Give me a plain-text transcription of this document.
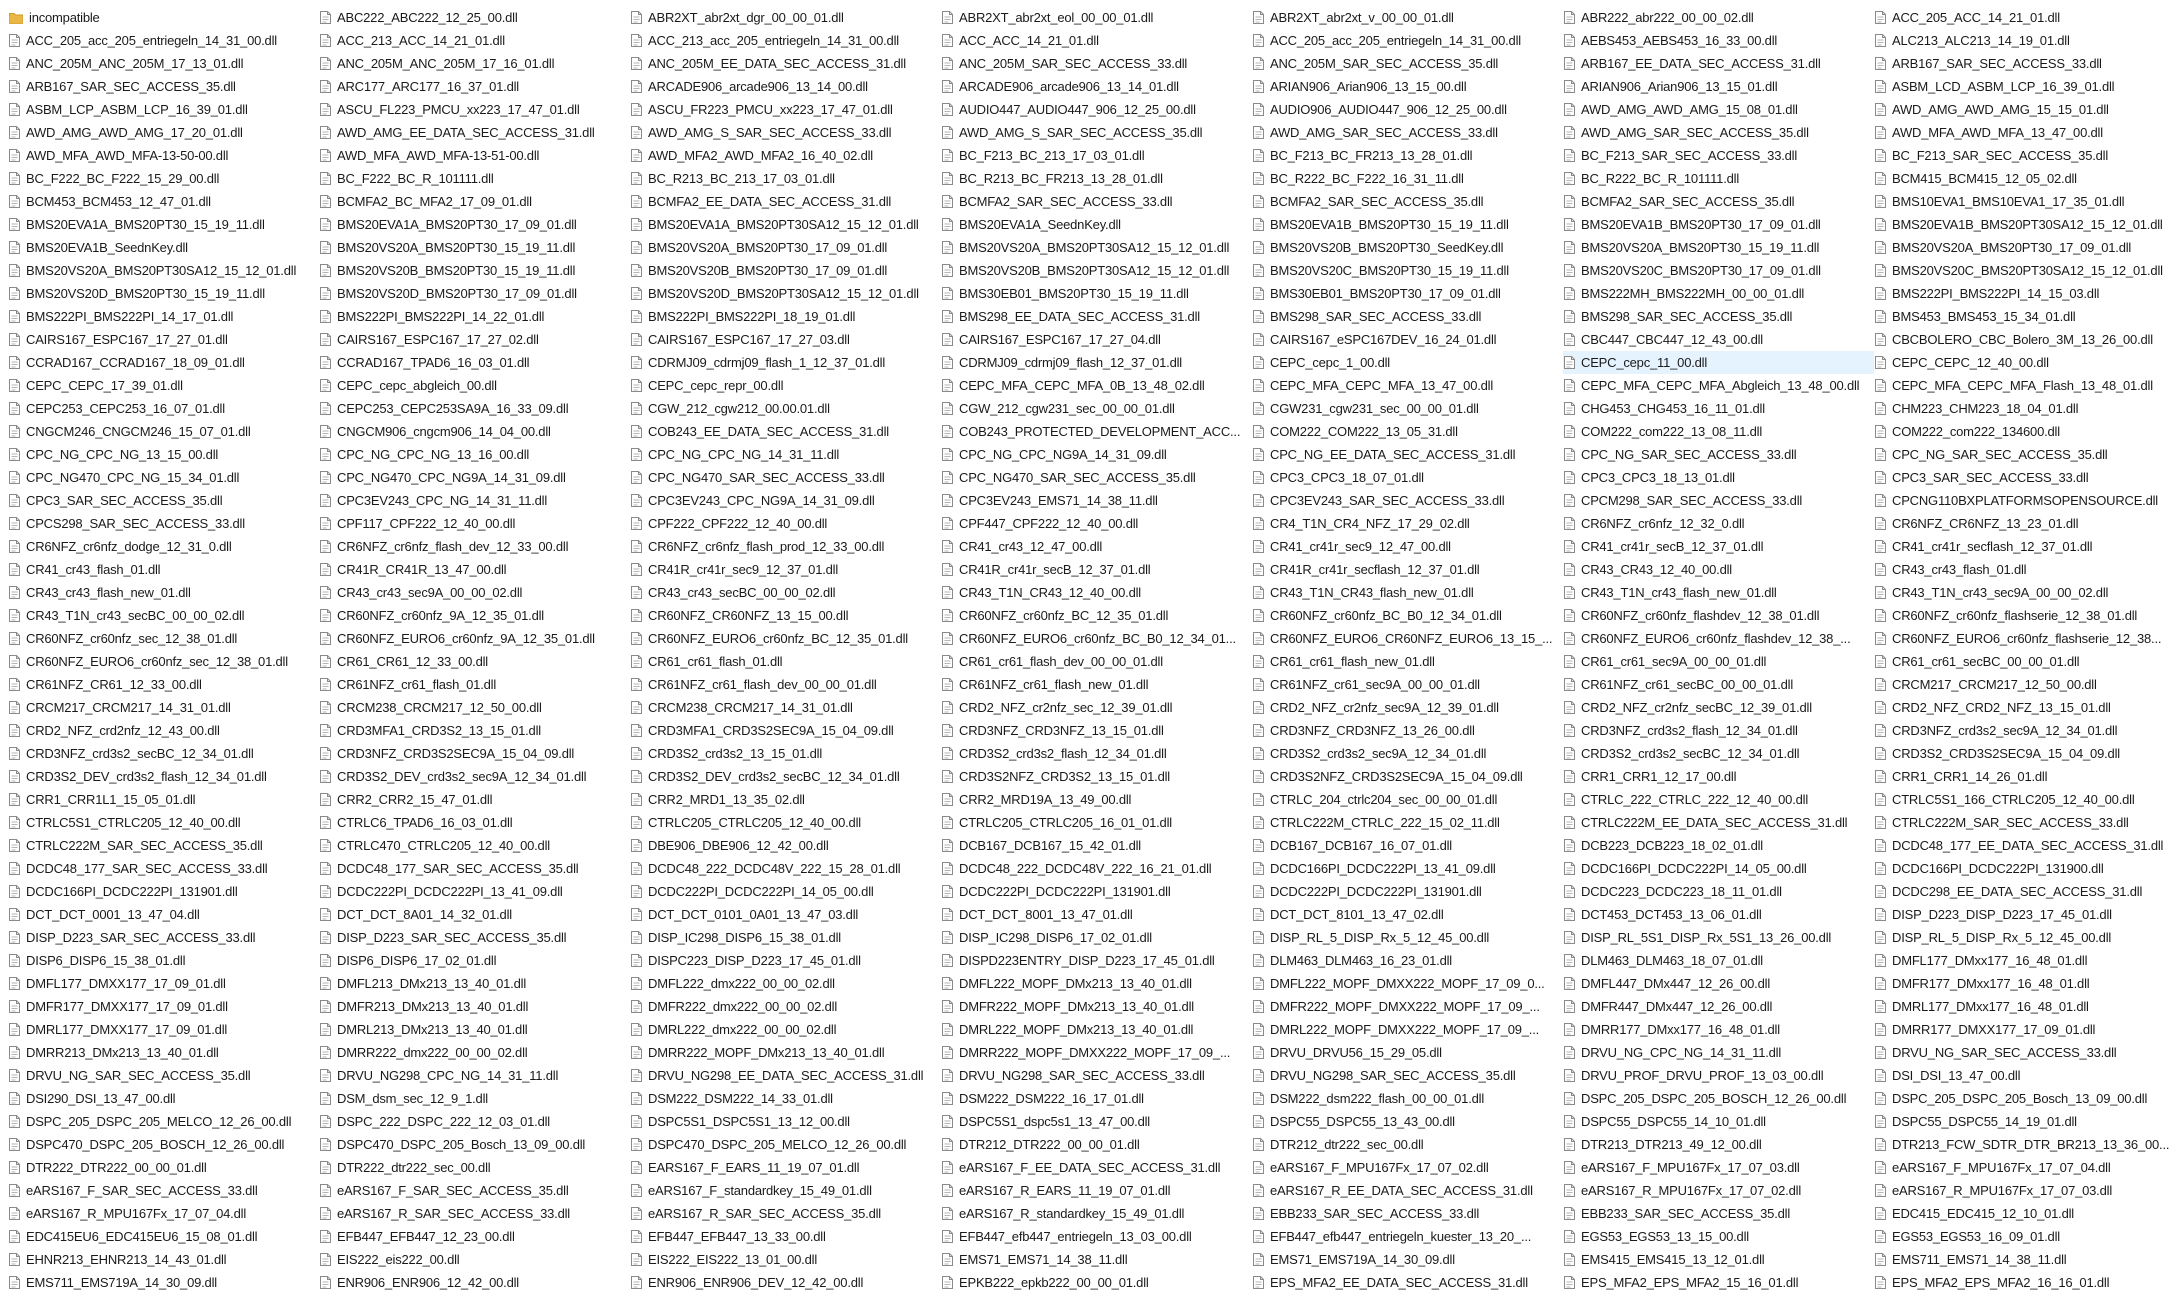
incompatible
ACC_205_acc_205_entriegeln_14_31_00.dll
ANC_205M_ANC_205M_17_13_01.dll
ARB167_SAR_SEC_ACCESS_35.dll
ASBM_LCP_ASBM_LCP_16_39_01.dll
AWD_AMG_AWD_AMG_17_20_01.dll
AWD_MFA_AWD_MFA-13-50-00.dll
BC_F222_BC_F222_15_29_00.dll
BCM453_BCM453_12_47_01.dll
BMS20EVA1A_BMS20PT30_15_19_11.dll
BMS20EVA1B_SeednKey.dll
BMS20VS20A_BMS20PT30SA12_15_12_01.dll
BMS20VS20D_BMS20PT30_15_19_11.dll
BMS222PI_BMS222PI_14_17_01.dll
CAIRS167_ESPC167_17_27_01.dll
CCRAD167_CCRAD167_18_09_01.dll
CEPC_CEPC_17_39_01.dll
CEPC253_CEPC253_16_07_01.dll
CNGCM246_CNGCM246_15_07_01.dll
CPC_NG_CPC_NG_13_15_00.dll
CPC_NG470_CPC_NG_15_34_01.dll
CPC3_SAR_SEC_ACCESS_35.dll
CPCS298_SAR_SEC_ACCESS_33.dll
CR6NFZ_cr6nfz_dodge_12_31_0.dll
CR41_cr43_flash_01.dll
CR43_cr43_flash_new_01.dll
CR43_T1N_cr43_secBC_00_00_02.dll
CR60NFZ_cr60nfz_sec_12_38_01.dll
CR60NFZ_EURO6_cr60nfz_sec_12_38_01.dll
CR61NFZ_CR61_12_33_00.dll
CRCM217_CRCM217_14_31_01.dll
CRD2_NFZ_crd2nfz_12_43_00.dll
CRD3NFZ_crd3s2_secBC_12_34_01.dll
CRD3S2_DEV_crd3s2_flash_12_34_01.dll
CRR1_CRR1L1_15_05_01.dll
CTRLC5S1_CTRLC205_12_40_00.dll
CTRLC222M_SAR_SEC_ACCESS_35.dll
DCDC48_177_SAR_SEC_ACCESS_33.dll
DCDC166PI_DCDC222PI_131901.dll
DCT_DCT_0001_13_47_04.dll
DISP_D223_SAR_SEC_ACCESS_33.dll
DISP6_DISP6_15_38_01.dll
DMFL177_DMXX177_17_09_01.dll
DMFR177_DMXX177_17_09_01.dll
DMRL177_DMXX177_17_09_01.dll
DMRR213_DMx213_13_40_01.dll
DRVU_NG_SAR_SEC_ACCESS_35.dll
DSI290_DSI_13_47_00.dll
DSPC_205_DSPC_205_MELCO_12_26_00.dll
DSPC470_DSPC_205_BOSCH_12_26_00.dll
DTR222_DTR222_00_00_01.dll
eARS167_F_SAR_SEC_ACCESS_33.dll
eARS167_R_MPU167Fx_17_07_04.dll
EDC415EU6_EDC415EU6_15_08_01.dll
EHNR213_EHNR213_14_43_01.dll
EMS711_EMS719A_14_30_09.dll
ABC222_ABC222_12_25_00.dll
ACC_213_ACC_14_21_01.dll
ANC_205M_ANC_205M_17_16_01.dll
ARC177_ARC177_16_37_01.dll
ASCU_FL223_PMCU_xx223_17_47_01.dll
AWD_AMG_EE_DATA_SEC_ACCESS_31.dll
AWD_MFA_AWD_MFA-13-51-00.dll
BC_F222_BC_R_101111.dll
BCMFA2_BC_MFA2_17_09_01.dll
BMS20EVA1A_BMS20PT30_17_09_01.dll
BMS20VS20A_BMS20PT30_15_19_11.dll
BMS20VS20B_BMS20PT30_15_19_11.dll
BMS20VS20D_BMS20PT30_17_09_01.dll
BMS222PI_BMS222PI_14_22_01.dll
CAIRS167_ESPC167_17_27_02.dll
CCRAD167_TPAD6_16_03_01.dll
CEPC_cepc_abgleich_00.dll
CEPC253_CEPC253SA9A_16_33_09.dll
CNGCM906_cngcm906_14_04_00.dll
CPC_NG_CPC_NG_13_16_00.dll
CPC_NG470_CPC_NG9A_14_31_09.dll
CPC3EV243_CPC_NG_14_31_11.dll
CPF117_CPF222_12_40_00.dll
CR6NFZ_cr6nfz_flash_dev_12_33_00.dll
CR41R_CR41R_13_47_00.dll
CR43_cr43_sec9A_00_00_02.dll
CR60NFZ_cr60nfz_9A_12_35_01.dll
CR60NFZ_EURO6_cr60nfz_9A_12_35_01.dll
CR61_CR61_12_33_00.dll
CR61NFZ_cr61_flash_01.dll
CRCM238_CRCM217_12_50_00.dll
CRD3MFA1_CRD3S2_13_15_01.dll
CRD3NFZ_CRD3S2SEC9A_15_04_09.dll
CRD3S2_DEV_crd3s2_sec9A_12_34_01.dll
CRR2_CRR2_15_47_01.dll
CTRLC6_TPAD6_16_03_01.dll
CTRLC470_CTRLC205_12_40_00.dll
DCDC48_177_SAR_SEC_ACCESS_35.dll
DCDC222PI_DCDC222PI_13_41_09.dll
DCT_DCT_8A01_14_32_01.dll
DISP_D223_SAR_SEC_ACCESS_35.dll
DISP6_DISP6_17_02_01.dll
DMFL213_DMx213_13_40_01.dll
DMFR213_DMx213_13_40_01.dll
DMRL213_DMx213_13_40_01.dll
DMRR222_dmx222_00_00_02.dll
DRVU_NG298_CPC_NG_14_31_11.dll
DSM_dsm_sec_12_9_1.dll
DSPC_222_DSPC_222_12_03_01.dll
DSPC470_DSPC_205_Bosch_13_09_00.dll
DTR222_dtr222_sec_00.dll
eARS167_F_SAR_SEC_ACCESS_35.dll
eARS167_R_SAR_SEC_ACCESS_33.dll
EFB447_EFB447_12_23_00.dll
EIS222_eis222_00.dll
ENR906_ENR906_12_42_00.dll
ABR2XT_abr2xt_dgr_00_00_01.dll
ACC_213_acc_205_entriegeln_14_31_00.dll
ANC_205M_EE_DATA_SEC_ACCESS_31.dll
ARCADE906_arcade906_13_14_00.dll
ASCU_FR223_PMCU_xx223_17_47_01.dll
AWD_AMG_S_SAR_SEC_ACCESS_33.dll
AWD_MFA2_AWD_MFA2_16_40_02.dll
BC_R213_BC_213_17_03_01.dll
BCMFA2_EE_DATA_SEC_ACCESS_31.dll
BMS20EVA1A_BMS20PT30SA12_15_12_01.dll
BMS20VS20A_BMS20PT30_17_09_01.dll
BMS20VS20B_BMS20PT30_17_09_01.dll
BMS20VS20D_BMS20PT30SA12_15_12_01.dll
BMS222PI_BMS222PI_18_19_01.dll
CAIRS167_ESPC167_17_27_03.dll
CDRMJ09_cdrmj09_flash_1_12_37_01.dll
CEPC_cepc_repr_00.dll
CGW_212_cgw212_00.00.01.dll
COB243_EE_DATA_SEC_ACCESS_31.dll
CPC_NG_CPC_NG_14_31_11.dll
CPC_NG470_SAR_SEC_ACCESS_33.dll
CPC3EV243_CPC_NG9A_14_31_09.dll
CPF222_CPF222_12_40_00.dll
CR6NFZ_cr6nfz_flash_prod_12_33_00.dll
CR41R_cr41r_sec9_12_37_01.dll
CR43_cr43_secBC_00_00_02.dll
CR60NFZ_CR60NFZ_13_15_00.dll
CR60NFZ_EURO6_cr60nfz_BC_12_35_01.dll
CR61_cr61_flash_01.dll
CR61NFZ_cr61_flash_dev_00_00_01.dll
CRCM238_CRCM217_14_31_01.dll
CRD3MFA1_CRD3S2SEC9A_15_04_09.dll
CRD3S2_crd3s2_13_15_01.dll
CRD3S2_DEV_crd3s2_secBC_12_34_01.dll
CRR2_MRD1_13_35_02.dll
CTRLC205_CTRLC205_12_40_00.dll
DBE906_DBE906_12_42_00.dll
DCDC48_222_DCDC48V_222_15_28_01.dll
DCDC222PI_DCDC222PI_14_05_00.dll
DCT_DCT_0101_0A01_13_47_03.dll
DISP_IC298_DISP6_15_38_01.dll
DISPC223_DISP_D223_17_45_01.dll
DMFL222_dmx222_00_00_02.dll
DMFR222_dmx222_00_00_02.dll
DMRL222_dmx222_00_00_02.dll
DMRR222_MOPF_DMx213_13_40_01.dll
DRVU_NG298_EE_DATA_SEC_ACCESS_31.dll
DSM222_DSM222_14_33_01.dll
DSPC5S1_DSPC5S1_13_12_00.dll
DSPC470_DSPC_205_MELCO_12_26_00.dll
EARS167_F_EARS_11_19_07_01.dll
eARS167_F_standardkey_15_49_01.dll
eARS167_R_SAR_SEC_ACCESS_35.dll
EFB447_EFB447_13_33_00.dll
EIS222_EIS222_13_01_00.dll
ENR906_ENR906_DEV_12_42_00.dll
ABR2XT_abr2xt_eol_00_00_01.dll
ACC_ACC_14_21_01.dll
ANC_205M_SAR_SEC_ACCESS_33.dll
ARCADE906_arcade906_13_14_01.dll
AUDIO447_AUDIO447_906_12_25_00.dll
AWD_AMG_S_SAR_SEC_ACCESS_35.dll
BC_F213_BC_213_17_03_01.dll
BC_R213_BC_FR213_13_28_01.dll
BCMFA2_SAR_SEC_ACCESS_33.dll
BMS20EVA1A_SeednKey.dll
BMS20VS20A_BMS20PT30SA12_15_12_01.dll
BMS20VS20B_BMS20PT30SA12_15_12_01.dll
BMS30EB01_BMS20PT30_15_19_11.dll
BMS298_EE_DATA_SEC_ACCESS_31.dll
CAIRS167_ESPC167_17_27_04.dll
CDRMJ09_cdrmj09_flash_12_37_01.dll
CEPC_MFA_CEPC_MFA_0B_13_48_02.dll
CGW_212_cgw231_sec_00_00_01.dll
COB243_PROTECTED_DEVELOPMENT_ACC...
CPC_NG_CPC_NG9A_14_31_09.dll
CPC_NG470_SAR_SEC_ACCESS_35.dll
CPC3EV243_EMS71_14_38_11.dll
CPF447_CPF222_12_40_00.dll
CR41_cr43_12_47_00.dll
CR41R_cr41r_secB_12_37_01.dll
CR43_T1N_CR43_12_40_00.dll
CR60NFZ_cr60nfz_BC_12_35_01.dll
CR60NFZ_EURO6_cr60nfz_BC_B0_12_34_01...
CR61_cr61_flash_dev_00_00_01.dll
CR61NFZ_cr61_flash_new_01.dll
CRD2_NFZ_cr2nfz_sec_12_39_01.dll
CRD3NFZ_CRD3NFZ_13_15_01.dll
CRD3S2_crd3s2_flash_12_34_01.dll
CRD3S2NFZ_CRD3S2_13_15_01.dll
CRR2_MRD19A_13_49_00.dll
CTRLC205_CTRLC205_16_01_01.dll
DCB167_DCB167_15_42_01.dll
DCDC48_222_DCDC48V_222_16_21_01.dll
DCDC222PI_DCDC222PI_131901.dll
DCT_DCT_8001_13_47_01.dll
DISP_IC298_DISP6_17_02_01.dll
DISPD223ENTRY_DISP_D223_17_45_01.dll
DMFL222_MOPF_DMx213_13_40_01.dll
DMFR222_MOPF_DMx213_13_40_01.dll
DMRL222_MOPF_DMx213_13_40_01.dll
DMRR222_MOPF_DMXX222_MOPF_17_09_...
DRVU_NG298_SAR_SEC_ACCESS_33.dll
DSM222_DSM222_16_17_01.dll
DSPC5S1_dspc5s1_13_47_00.dll
DTR212_DTR222_00_00_01.dll
eARS167_F_EE_DATA_SEC_ACCESS_31.dll
eARS167_R_EARS_11_19_07_01.dll
eARS167_R_standardkey_15_49_01.dll
EFB447_efb447_entriegeln_13_03_00.dll
EMS71_EMS71_14_38_11.dll
EPKB222_epkb222_00_00_01.dll
ABR2XT_abr2xt_v_00_00_01.dll
ACC_205_acc_205_entriegeln_14_31_00.dll
ANC_205M_SAR_SEC_ACCESS_35.dll
ARIAN906_Arian906_13_15_00.dll
AUDIO906_AUDIO447_906_12_25_00.dll
AWD_AMG_SAR_SEC_ACCESS_33.dll
BC_F213_BC_FR213_13_28_01.dll
BC_R222_BC_F222_16_31_11.dll
BCMFA2_SAR_SEC_ACCESS_35.dll
BMS20EVA1B_BMS20PT30_15_19_11.dll
BMS20VS20B_BMS20PT30_SeedKey.dll
BMS20VS20C_BMS20PT30_15_19_11.dll
BMS30EB01_BMS20PT30_17_09_01.dll
BMS298_SAR_SEC_ACCESS_33.dll
CAIRS167_eSPC167DEV_16_24_01.dll
CEPC_cepc_1_00.dll
CEPC_MFA_CEPC_MFA_13_47_00.dll
CGW231_cgw231_sec_00_00_01.dll
COM222_COM222_13_05_31.dll
CPC_NG_EE_DATA_SEC_ACCESS_31.dll
CPC3_CPC3_18_07_01.dll
CPC3EV243_SAR_SEC_ACCESS_33.dll
CR4_T1N_CR4_NFZ_17_29_02.dll
CR41_cr41r_sec9_12_47_00.dll
CR41R_cr41r_secflash_12_37_01.dll
CR43_T1N_CR43_flash_new_01.dll
CR60NFZ_cr60nfz_BC_B0_12_34_01.dll
CR60NFZ_EURO6_CR60NFZ_EURO6_13_15_...
CR61_cr61_flash_new_01.dll
CR61NFZ_cr61_sec9A_00_00_01.dll
CRD2_NFZ_cr2nfz_sec9A_12_39_01.dll
CRD3NFZ_CRD3NFZ_13_26_00.dll
CRD3S2_crd3s2_sec9A_12_34_01.dll
CRD3S2NFZ_CRD3S2SEC9A_15_04_09.dll
CTRLC_204_ctrlc204_sec_00_00_01.dll
CTRLC222M_CTRLC_222_15_02_11.dll
DCB167_DCB167_16_07_01.dll
DCDC166PI_DCDC222PI_13_41_09.dll
DCDC222PI_DCDC222PI_131901.dll
DCT_DCT_8101_13_47_02.dll
DISP_RL_5_DISP_Rx_5_12_45_00.dll
DLM463_DLM463_16_23_01.dll
DMFL222_MOPF_DMXX222_MOPF_17_09_0...
DMFR222_MOPF_DMXX222_MOPF_17_09_...
DMRL222_MOPF_DMXX222_MOPF_17_09_...
DRVU_DRVU56_15_29_05.dll
DRVU_NG298_SAR_SEC_ACCESS_35.dll
DSM222_dsm222_flash_00_00_01.dll
DSPC55_DSPC55_13_43_00.dll
DTR212_dtr222_sec_00.dll
eARS167_F_MPU167Fx_17_07_02.dll
eARS167_R_EE_DATA_SEC_ACCESS_31.dll
EBB233_SAR_SEC_ACCESS_33.dll
EFB447_efb447_entriegeln_kuester_13_20_...
EMS71_EMS719A_14_30_09.dll
EPS_MFA2_EE_DATA_SEC_ACCESS_31.dll
ABR222_abr222_00_00_02.dll
AEBS453_AEBS453_16_33_00.dll
ARB167_EE_DATA_SEC_ACCESS_31.dll
ARIAN906_Arian906_13_15_01.dll
AWD_AMG_AWD_AMG_15_08_01.dll
AWD_AMG_SAR_SEC_ACCESS_35.dll
BC_F213_SAR_SEC_ACCESS_33.dll
BC_R222_BC_R_101111.dll
BCMFA2_SAR_SEC_ACCESS_35.dll
BMS20EVA1B_BMS20PT30_17_09_01.dll
BMS20VS20A_BMS20PT30_15_19_11.dll
BMS20VS20C_BMS20PT30_17_09_01.dll
BMS222MH_BMS222MH_00_00_01.dll
BMS298_SAR_SEC_ACCESS_35.dll
CBC447_CBC447_12_43_00.dll
CEPC_cepc_11_00.dll
CEPC_MFA_CEPC_MFA_Abgleich_13_48_00.dll
CHG453_CHG453_16_11_01.dll
COM222_com222_13_08_11.dll
CPC_NG_SAR_SEC_ACCESS_33.dll
CPC3_CPC3_18_13_01.dll
CPCM298_SAR_SEC_ACCESS_33.dll
CR6NFZ_cr6nfz_12_32_0.dll
CR41_cr41r_secB_12_37_01.dll
CR43_CR43_12_40_00.dll
CR43_T1N_cr43_flash_new_01.dll
CR60NFZ_cr60nfz_flashdev_12_38_01.dll
CR60NFZ_EURO6_cr60nfz_flashdev_12_38_...
CR61_cr61_sec9A_00_00_01.dll
CR61NFZ_cr61_secBC_00_00_01.dll
CRD2_NFZ_cr2nfz_secBC_12_39_01.dll
CRD3NFZ_crd3s2_flash_12_34_01.dll
CRD3S2_crd3s2_secBC_12_34_01.dll
CRR1_CRR1_12_17_00.dll
CTRLC_222_CTRLC_222_12_40_00.dll
CTRLC222M_EE_DATA_SEC_ACCESS_31.dll
DCB223_DCB223_18_02_01.dll
DCDC166PI_DCDC222PI_14_05_00.dll
DCDC223_DCDC223_18_11_01.dll
DCT453_DCT453_13_06_01.dll
DISP_RL_5S1_DISP_Rx_5S1_13_26_00.dll
DLM463_DLM463_18_07_01.dll
DMFL447_DMx447_12_26_00.dll
DMFR447_DMx447_12_26_00.dll
DMRR177_DMxx177_16_48_01.dll
DRVU_NG_CPC_NG_14_31_11.dll
DRVU_PROF_DRVU_PROF_13_03_00.dll
DSPC_205_DSPC_205_BOSCH_12_26_00.dll
DSPC55_DSPC55_14_10_01.dll
DTR213_DTR213_49_12_00.dll
eARS167_F_MPU167Fx_17_07_03.dll
eARS167_R_MPU167Fx_17_07_02.dll
EBB233_SAR_SEC_ACCESS_35.dll
EGS53_EGS53_13_15_00.dll
EMS415_EMS415_13_12_01.dll
EPS_MFA2_EPS_MFA2_15_16_01.dll
ACC_205_ACC_14_21_01.dll
ALC213_ALC213_14_19_01.dll
ARB167_SAR_SEC_ACCESS_33.dll
ASBM_LCD_ASBM_LCP_16_39_01.dll
AWD_AMG_AWD_AMG_15_15_01.dll
AWD_MFA_AWD_MFA_13_47_00.dll
BC_F213_SAR_SEC_ACCESS_35.dll
BCM415_BCM415_12_05_02.dll
BMS10EVA1_BMS10EVA1_17_35_01.dll
BMS20EVA1B_BMS20PT30SA12_15_12_01.dll
BMS20VS20A_BMS20PT30_17_09_01.dll
BMS20VS20C_BMS20PT30SA12_15_12_01.dll
BMS222PI_BMS222PI_14_15_03.dll
BMS453_BMS453_15_34_01.dll
CBCBOLERO_CBC_Bolero_3M_13_26_00.dll
CEPC_CEPC_12_40_00.dll
CEPC_MFA_CEPC_MFA_Flash_13_48_01.dll
CHM223_CHM223_18_04_01.dll
COM222_com222_134600.dll
CPC_NG_SAR_SEC_ACCESS_35.dll
CPC3_SAR_SEC_ACCESS_33.dll
CPCNG110BXPLATFORMSOPENSOURCE.dll
CR6NFZ_CR6NFZ_13_23_01.dll
CR41_cr41r_secflash_12_37_01.dll
CR43_cr43_flash_01.dll
CR43_T1N_cr43_sec9A_00_00_02.dll
CR60NFZ_cr60nfz_flashserie_12_38_01.dll
CR60NFZ_EURO6_cr60nfz_flashserie_12_38...
CR61_cr61_secBC_00_00_01.dll
CRCM217_CRCM217_12_50_00.dll
CRD2_NFZ_CRD2_NFZ_13_15_01.dll
CRD3NFZ_crd3s2_sec9A_12_34_01.dll
CRD3S2_CRD3S2SEC9A_15_04_09.dll
CRR1_CRR1_14_26_01.dll
CTRLC5S1_166_CTRLC205_12_40_00.dll
CTRLC222M_SAR_SEC_ACCESS_33.dll
DCDC48_177_EE_DATA_SEC_ACCESS_31.dll
DCDC166PI_DCDC222PI_131900.dll
DCDC298_EE_DATA_SEC_ACCESS_31.dll
DISP_D223_DISP_D223_17_45_01.dll
DISP_RL_5_DISP_Rx_5_12_45_00.dll
DMFL177_DMxx177_16_48_01.dll
DMFR177_DMxx177_16_48_01.dll
DMRL177_DMxx177_16_48_01.dll
DMRR177_DMXX177_17_09_01.dll
DRVU_NG_SAR_SEC_ACCESS_33.dll
DSI_DSI_13_47_00.dll
DSPC_205_DSPC_205_Bosch_13_09_00.dll
DSPC55_DSPC55_14_19_01.dll
DTR213_FCW_SDTR_DTR_BR213_13_36_00...
eARS167_F_MPU167Fx_17_07_04.dll
eARS167_R_MPU167Fx_17_07_03.dll
EDC415_EDC415_12_10_01.dll
EGS53_EGS53_16_09_01.dll
EMS711_EMS71_14_38_11.dll
EPS_MFA2_EPS_MFA2_16_16_01.dll
